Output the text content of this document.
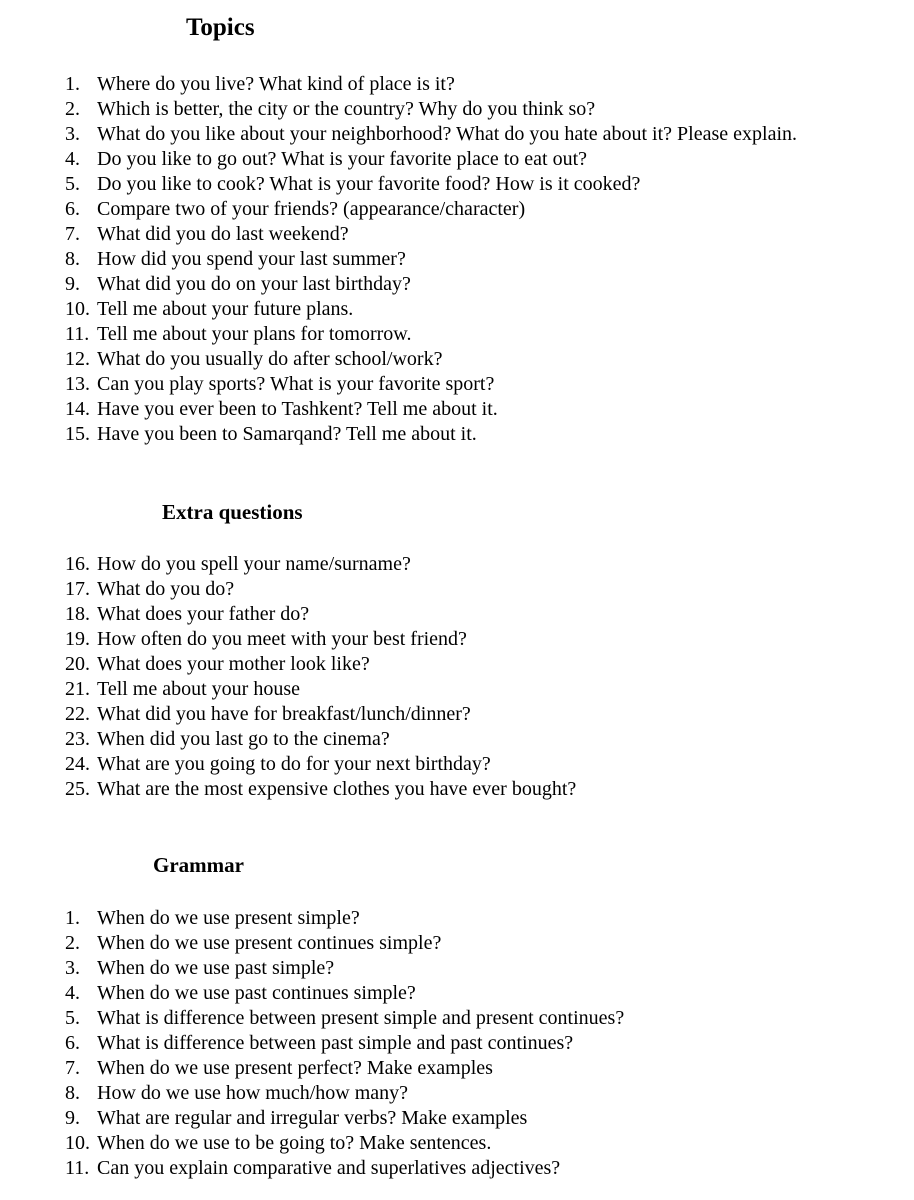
Topics
1. Where do you live? What kind of place is it?
2. Which is better, the city or the country? Why do you think so?
3. What do you like about your neighborhood? What do you hate about it? Please explain.
4. Do you like to go out? What is your favorite place to eat out?
5. Do you like to cook? What is your favorite food? How is it cooked?
6. Compare two of your friends? (appearance/character)
7. What did you do last weekend?
8. How did you spend your last summer?
9. What did you do on your last birthday?
10. Tell me about your future plans.
11. Tell me about your plans for tomorrow.
12. What do you usually do after school/work?
13. Can you play sports? What is your favorite sport?
14. Have you ever been to Tashkent? Tell me about it.
15. Have you been to Samarqand? Tell me about it.
Extra questions
16. How do you spell your name/surname?
17. What do you do?
18. What does your father do?
19. How often do you meet with your best friend?
20. What does your mother look like?
21. Tell me about your house
22. What did you have for breakfast/lunch/dinner?
23. When did you last go to the cinema?
24. What are you going to do for your next birthday?
25. What are the most expensive clothes you have ever bought?
Grammar
1. When do we use present simple?
2. When do we use present continues simple?
3. When do we use past simple?
4. When do we use past continues simple?
5. What is difference between present simple and present continues?
6. What is difference between past simple and past continues?
7. When do we use present perfect? Make examples
8. How do we use how much/how many?
9. What are regular and irregular verbs? Make examples
10. When do we use to be going to? Make sentences.
11. Can you explain comparative and superlatives adjectives?
